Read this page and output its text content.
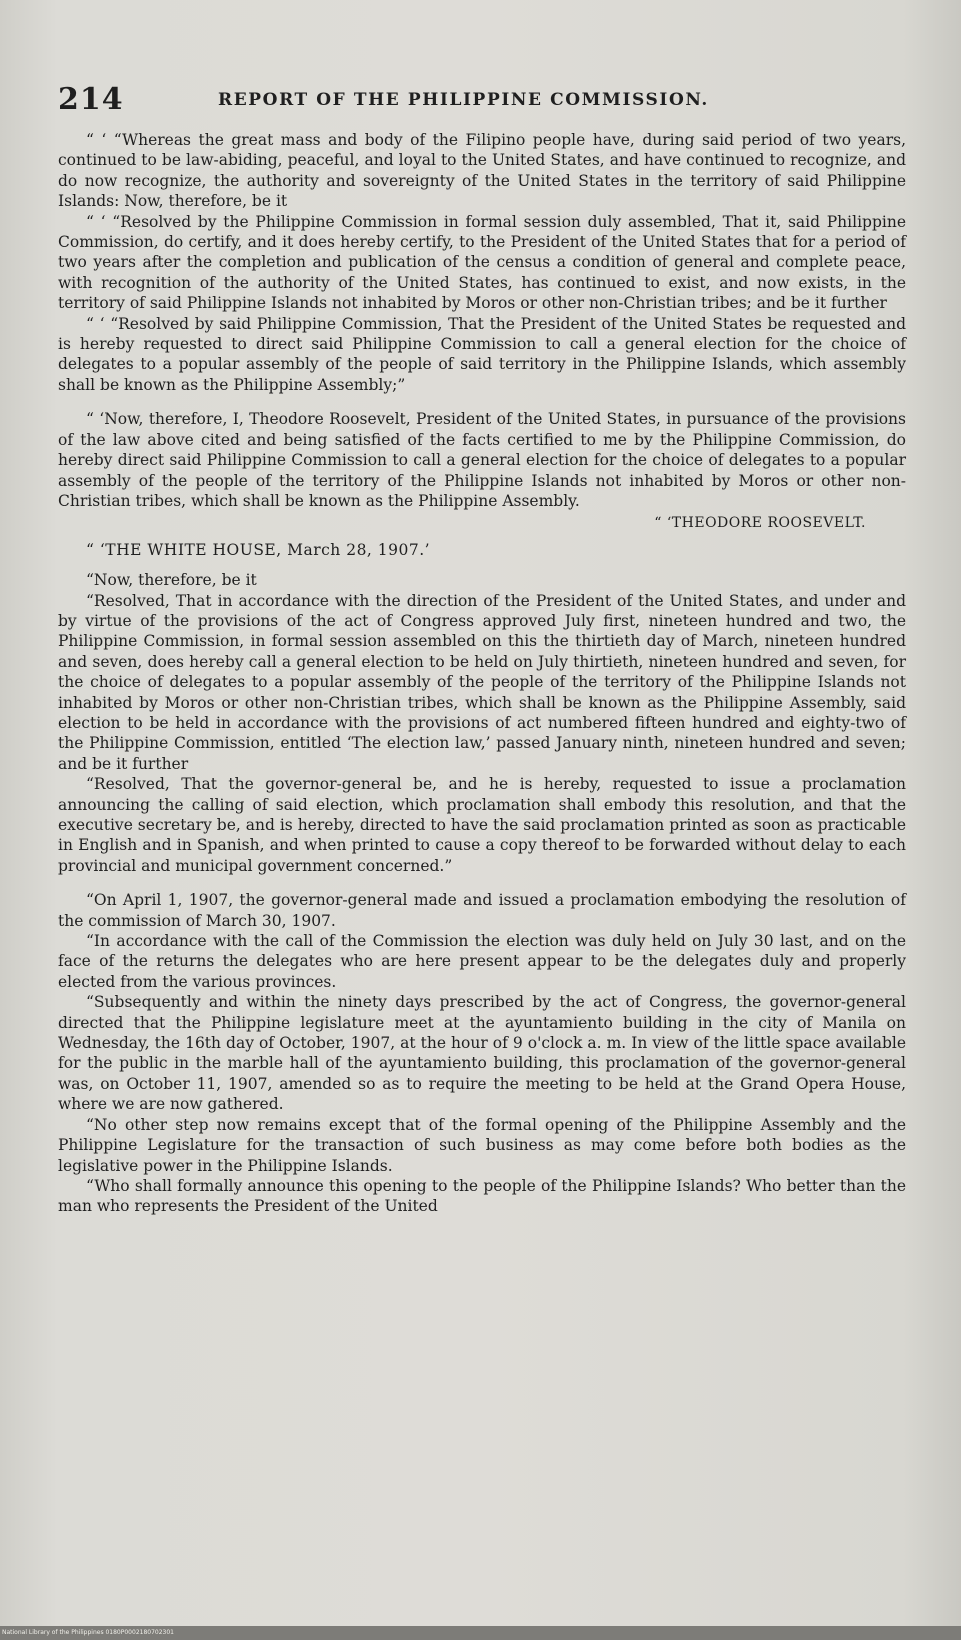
214	REPORT OF THE PHILIPPINE COMMISSION.

“ ‘ “Whereas the great mass and body of the Filipino people have, during said period of two years, continued to be law-abiding, peaceful, and loyal to the United States, and have continued to recognize, and do now recognize, the authority and sovereignty of the United States in the territory of said Philippine Islands: Now, therefore, be it

“ ‘ “Resolved by the Philippine Commission in formal session duly assembled, That it, said Philippine Commission, do certify, and it does hereby certify, to the President of the United States that for a period of two years after the completion and publication of the census a condition of general and complete peace, with recognition of the authority of the United States, has continued to exist, and now exists, in the territory of said Philippine Islands not inhabited by Moros or other non-Christian tribes; and be it further

“ ‘ “Resolved by said Philippine Commission, That the President of the United States be requested and is hereby requested to direct said Philippine Commission to call a general election for the choice of delegates to a popular assembly of the people of said territory in the Philippine Islands, which assembly shall be known as the Philippine Assembly;”

“ ‘Now, therefore, I, Theodore Roosevelt, President of the United States, in pursuance of the provisions of the law above cited and being satisfied of the facts certified to me by the Philippine Commission, do hereby direct said Philippine Commission to call a general election for the choice of delegates to a popular assembly of the people of the territory of the Philippine Islands not inhabited by Moros or other non-Christian tribes, which shall be known as the Philippine Assembly.

“ ‘THEODORE ROOSEVELT.
“ ‘THE WHITE HOUSE, March 28, 1907.’

“Now, therefore, be it

“Resolved, That in accordance with the direction of the President of the United States, and under and by virtue of the provisions of the act of Congress approved July first, nineteen hundred and two, the Philippine Commission, in formal session assembled on this the thirtieth day of March, nineteen hundred and seven, does hereby call a general election to be held on July thirtieth, nineteen hundred and seven, for the choice of delegates to a popular assembly of the people of the territory of the Philippine Islands not inhabited by Moros or other non-Christian tribes, which shall be known as the Philippine Assembly, said election to be held in accordance with the provisions of act numbered fifteen hundred and eighty-two of the Philippine Commission, entitled ‘The election law,’ passed January ninth, nineteen hundred and seven; and be it further

“Resolved, That the governor-general be, and he is hereby, requested to issue a proclamation announcing the calling of said election, which proclamation shall embody this resolution, and that the executive secretary be, and is hereby, directed to have the said proclamation printed as soon as practicable in English and in Spanish, and when printed to cause a copy thereof to be forwarded without delay to each provincial and municipal government concerned.”

“On April 1, 1907, the governor-general made and issued a proclamation embodying the resolution of the commission of March 30, 1907.

“In accordance with the call of the Commission the election was duly held on July 30 last, and on the face of the returns the delegates who are here present appear to be the delegates duly and properly elected from the various provinces.

“Subsequently and within the ninety days prescribed by the act of Congress, the governor-general directed that the Philippine legislature meet at the ayuntamiento building in the city of Manila on Wednesday, the 16th day of October, 1907, at the hour of 9 o'clock a. m. In view of the little space available for the public in the marble hall of the ayuntamiento building, this proclamation of the governor-general was, on October 11, 1907, amended so as to require the meeting to be held at the Grand Opera House, where we are now gathered.

“No other step now remains except that of the formal opening of the Philippine Assembly and the Philippine Legislature for the transaction of such business as may come before both bodies as the legislative power in the Philippine Islands.

“Who shall formally announce this opening to the people of the Philippine Islands? Who better than the man who represents the President of the United

National Library of the Philippines 0180P0002180702301
